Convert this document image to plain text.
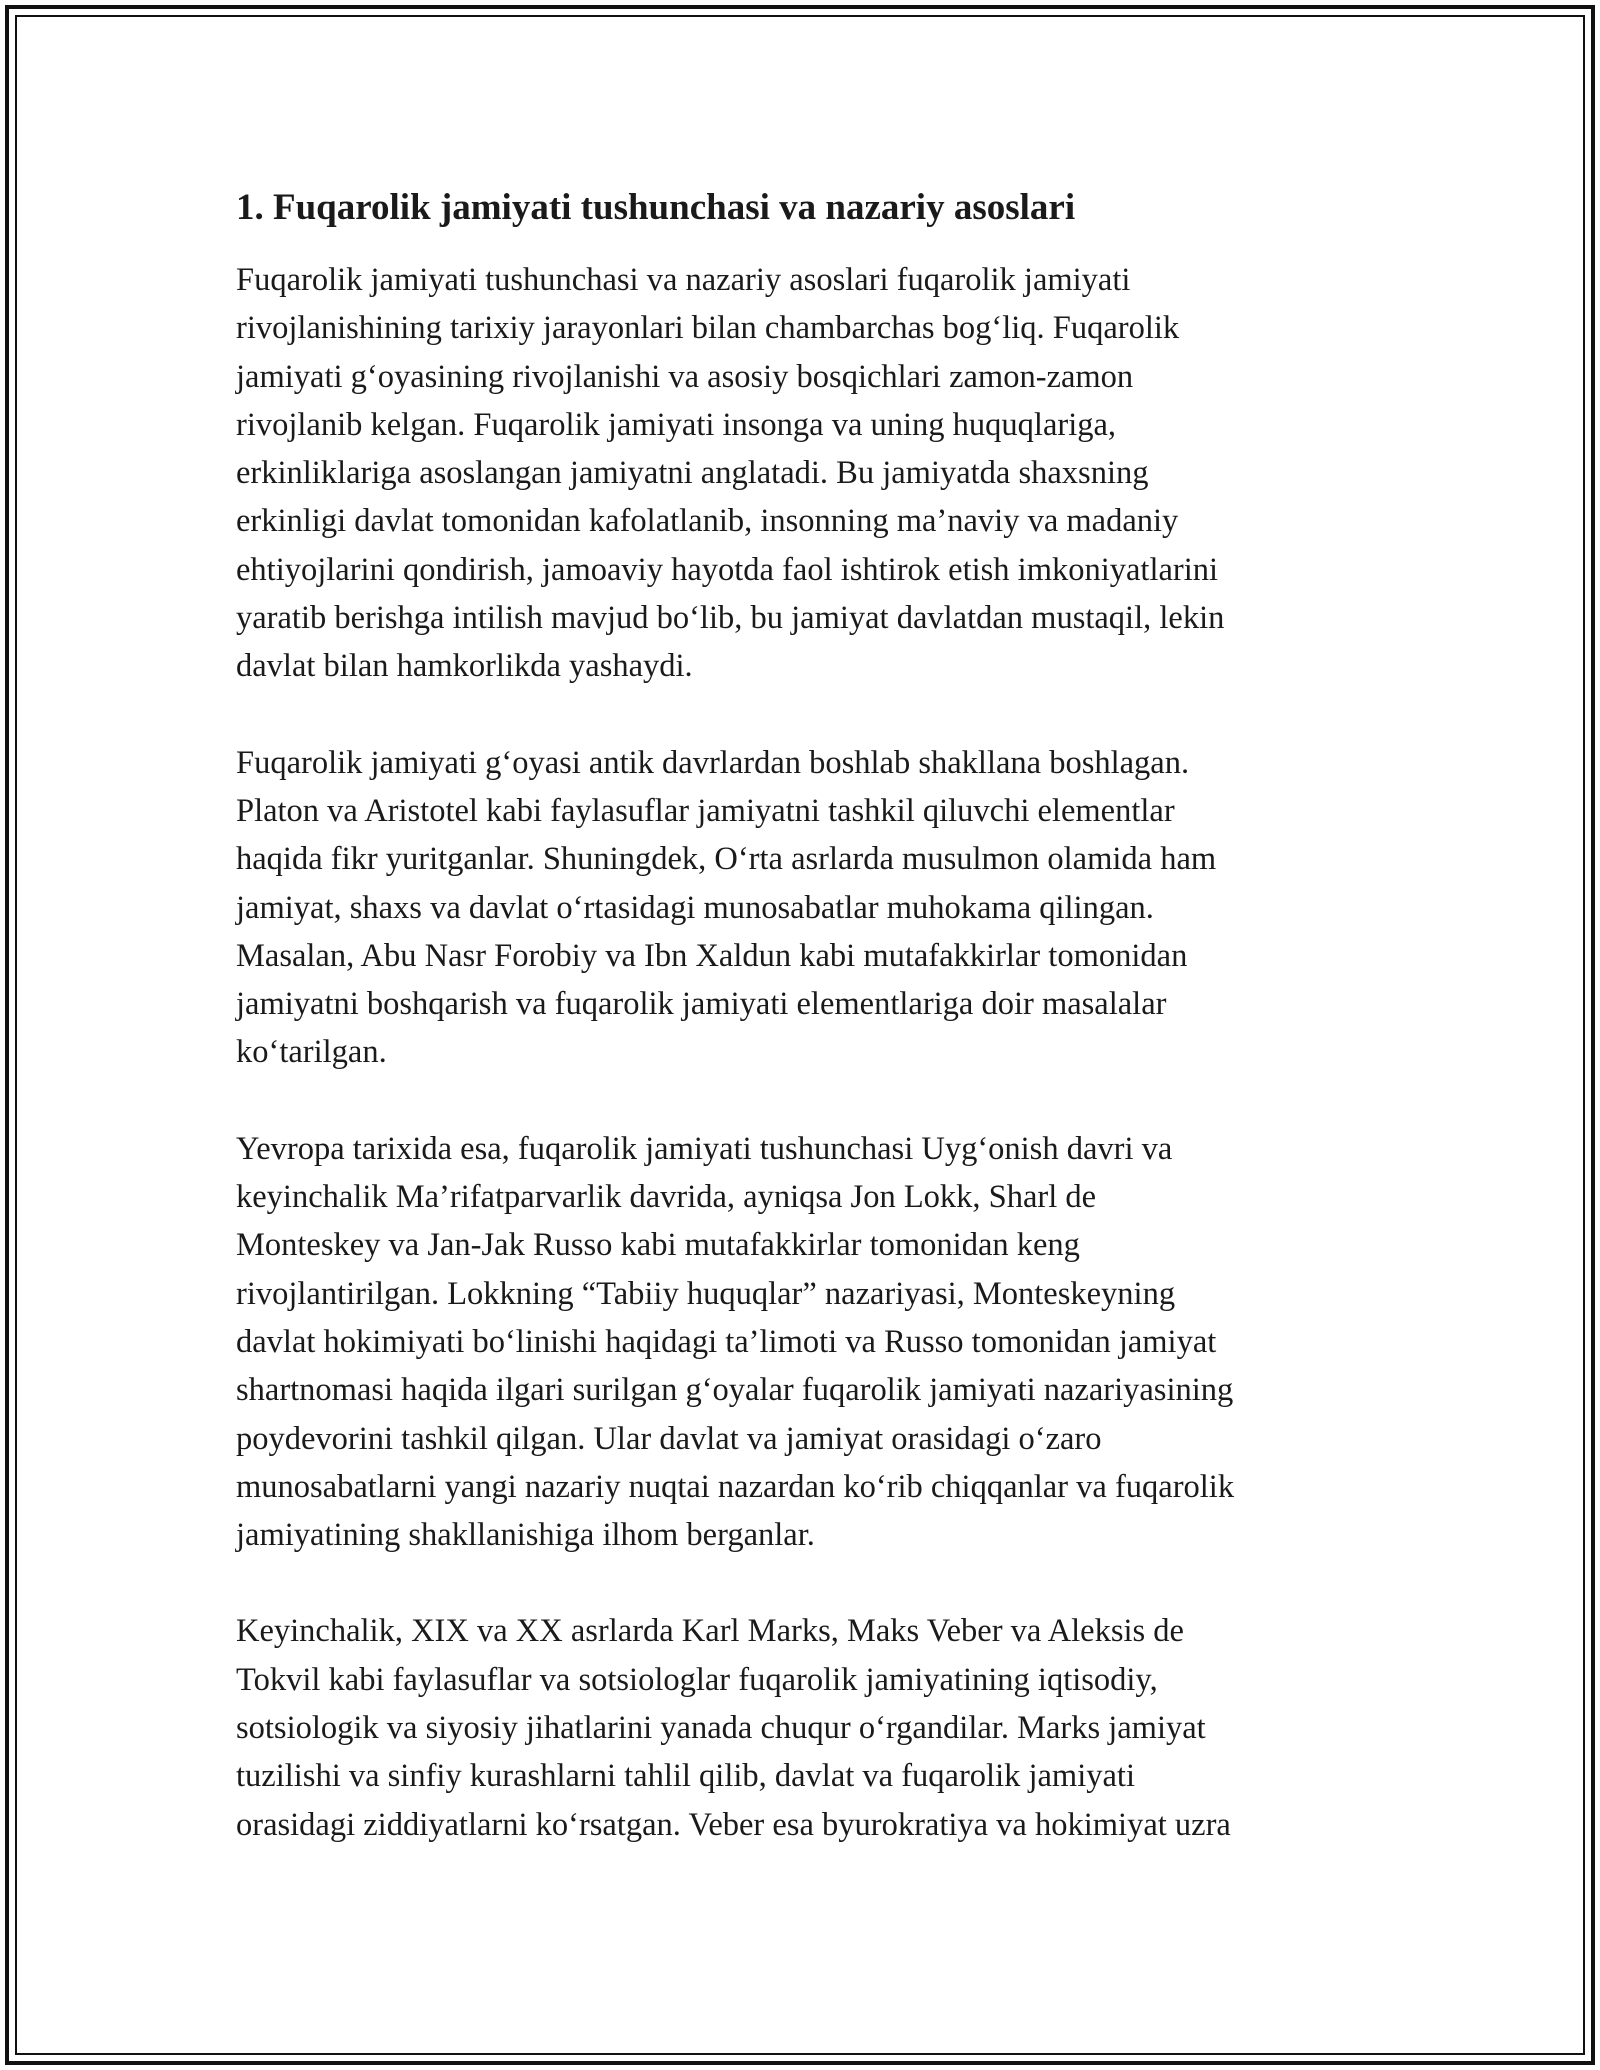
1. Fuqarolik jamiyati tushunchasi va nazariy asoslari

Fuqarolik jamiyati tushunchasi va nazariy asoslari fuqarolik jamiyati
rivojlanishining tarixiy jarayonlari bilan chambarchas bog‘liq. Fuqarolik
jamiyati g‘oyasining rivojlanishi va asosiy bosqichlari zamon-zamon
rivojlanib kelgan. Fuqarolik jamiyati insonga va uning huquqlariga,
erkinliklariga asoslangan jamiyatni anglatadi. Bu jamiyatda shaxsning
erkinligi davlat tomonidan kafolatlanib, insonning ma’naviy va madaniy
ehtiyojlarini qondirish, jamoaviy hayotda faol ishtirok etish imkoniyatlarini
yaratib berishga intilish mavjud bo‘lib, bu jamiyat davlatdan mustaqil, lekin
davlat bilan hamkorlikda yashaydi.

Fuqarolik jamiyati g‘oyasi antik davrlardan boshlab shakllana boshlagan.
Platon va Aristotel kabi faylasuflar jamiyatni tashkil qiluvchi elementlar
haqida fikr yuritganlar. Shuningdek, O‘rta asrlarda musulmon olamida ham
jamiyat, shaxs va davlat o‘rtasidagi munosabatlar muhokama qilingan.
Masalan, Abu Nasr Forobiy va Ibn Xaldun kabi mutafakkirlar tomonidan
jamiyatni boshqarish va fuqarolik jamiyati elementlariga doir masalalar
ko‘tarilgan.

Yevropa tarixida esa, fuqarolik jamiyati tushunchasi Uyg‘onish davri va
keyinchalik Ma’rifatparvarlik davrida, ayniqsa Jon Lokk, Sharl de
Monteskey va Jan-Jak Russo kabi mutafakkirlar tomonidan keng
rivojlantirilgan. Lokkning “Tabiiy huquqlar” nazariyasi, Monteskeyning
davlat hokimiyati bo‘linishi haqidagi ta’limoti va Russo tomonidan jamiyat
shartnomasi haqida ilgari surilgan g‘oyalar fuqarolik jamiyati nazariyasining
poydevorini tashkil qilgan. Ular davlat va jamiyat orasidagi o‘zaro
munosabatlarni yangi nazariy nuqtai nazardan ko‘rib chiqqanlar va fuqarolik
jamiyatining shakllanishiga ilhom berganlar.

Keyinchalik, XIX va XX asrlarda Karl Marks, Maks Veber va Aleksis de
Tokvil kabi faylasuflar va sotsiologlar fuqarolik jamiyatining iqtisodiy,
sotsiologik va siyosiy jihatlarini yanada chuqur o‘rgandilar. Marks jamiyat
tuzilishi va sinfiy kurashlarni tahlil qilib, davlat va fuqarolik jamiyati
orasidagi ziddiyatlarni ko‘rsatgan. Veber esa byurokratiya va hokimiyat uzra
